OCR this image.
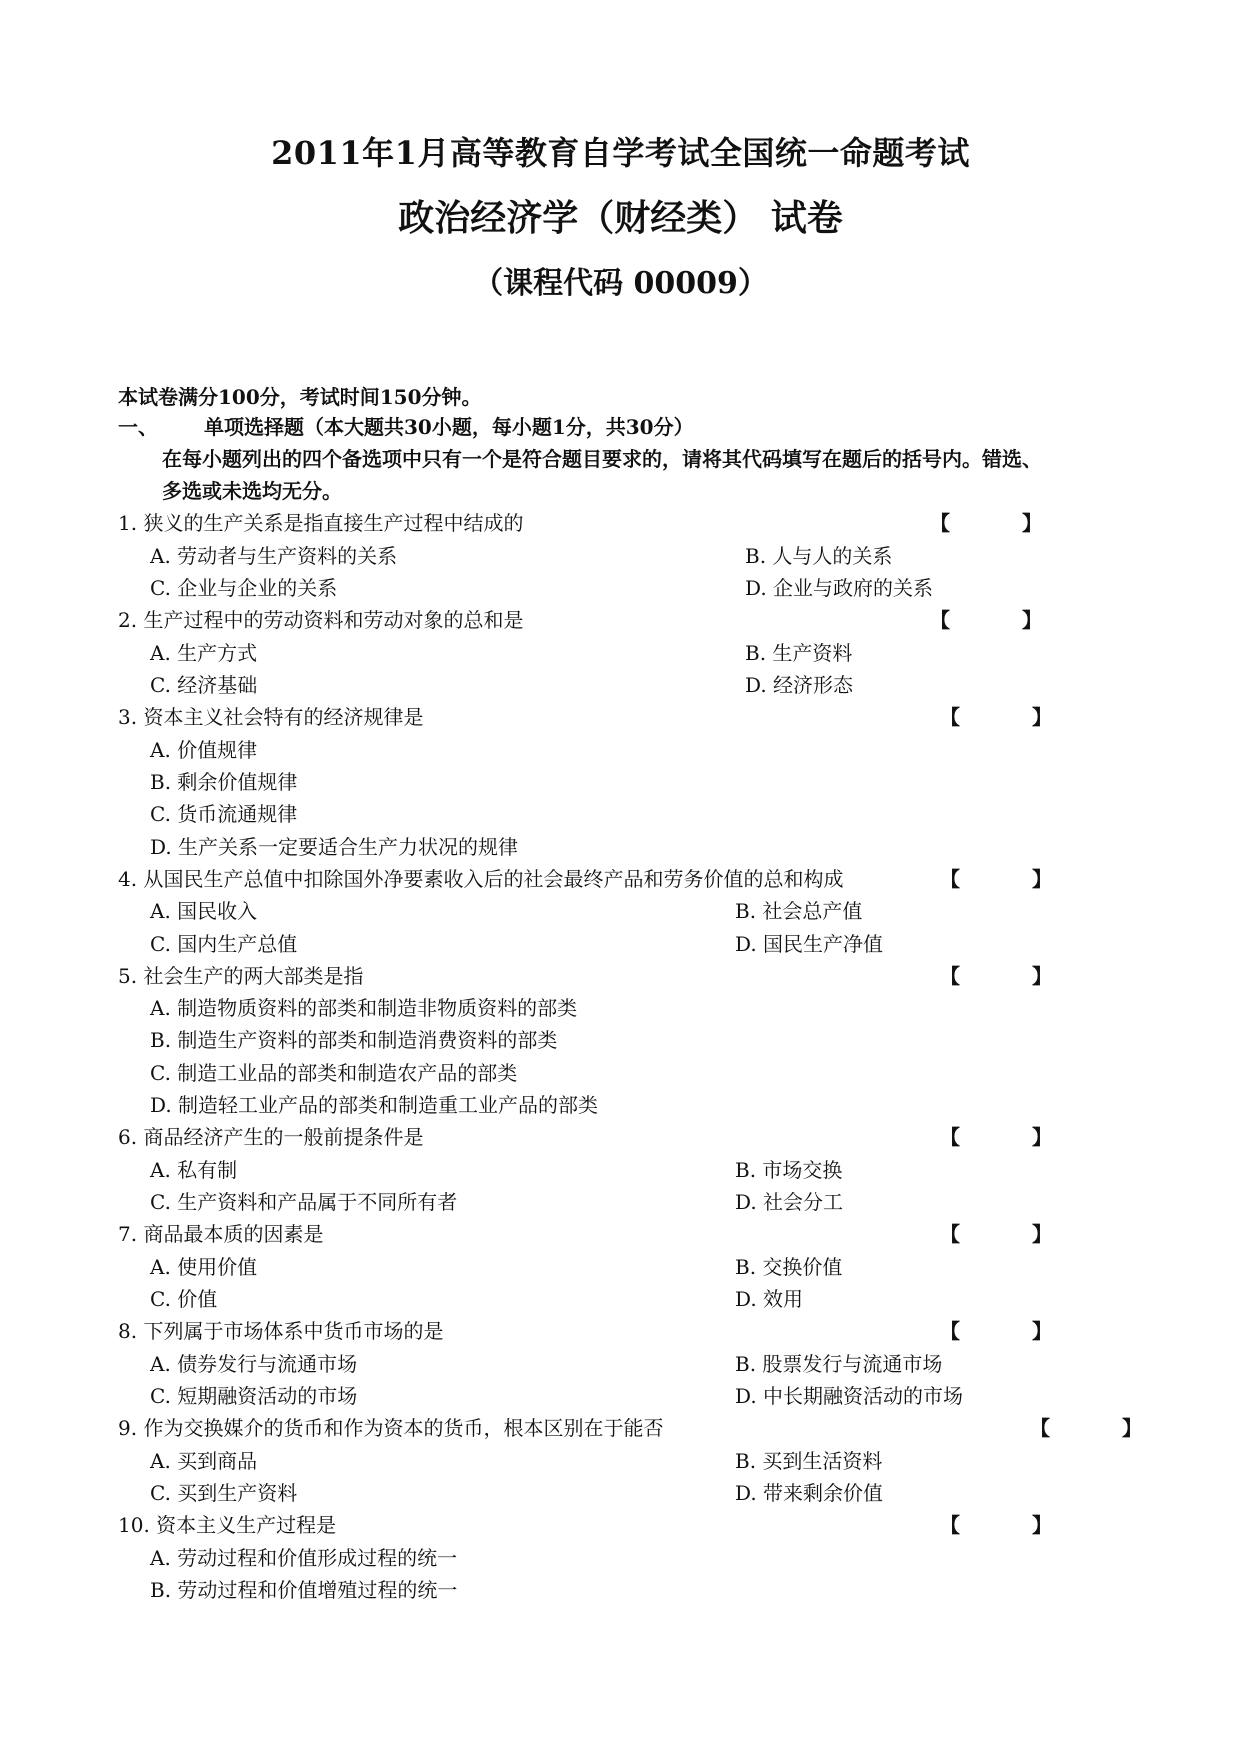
2011年1月高等教育自学考试全国统一命题考试
政治经济学（财经类） 试卷
（课程代码 00009）
本试卷满分100分，考试时间150分钟。
一、 单项选择题（本大题共30小题，每小题1分，共30分）
在每小题列出的四个备选项中只有一个是符合题目要求的，请将其代码填写在题后的括号内。错选、
多选或未选均无分。
1. 狭义的生产关系是指直接生产过程中结成的	【	】
A. 劳动者与生产资料的关系	B. 人与人的关系
C. 企业与企业的关系	D. 企业与政府的关系
2. 生产过程中的劳动资料和劳动对象的总和是	【	】
A. 生产方式	B. 生产资料
C. 经济基础	D. 经济形态
3. 资本主义社会特有的经济规律是	【	】
A. 价值规律
B. 剩余价值规律
C. 货币流通规律
D. 生产关系一定要适合生产力状况的规律
4. 从国民生产总值中扣除国外净要素收入后的社会最终产品和劳务价值的总和构成	【	】
A. 国民收入	B. 社会总产值
C. 国内生产总值	D. 国民生产净值
5. 社会生产的两大部类是指	【	】
A. 制造物质资料的部类和制造非物质资料的部类
B. 制造生产资料的部类和制造消费资料的部类
C. 制造工业品的部类和制造农产品的部类
D. 制造轻工业产品的部类和制造重工业产品的部类
6. 商品经济产生的一般前提条件是	【	】
A. 私有制	B. 市场交换
C. 生产资料和产品属于不同所有者	D. 社会分工
7. 商品最本质的因素是	【	】
A. 使用价值	B. 交换价值
C. 价值	D. 效用
8. 下列属于市场体系中货币市场的是	【	】
A. 债券发行与流通市场	B. 股票发行与流通市场
C. 短期融资活动的市场	D. 中长期融资活动的市场
9. 作为交换媒介的货币和作为资本的货币，根本区别在于能否	【	】
A. 买到商品	B. 买到生活资料
C. 买到生产资料	D. 带来剩余价值
10. 资本主义生产过程是	【	】
A. 劳动过程和价值形成过程的统一
B. 劳动过程和价值增殖过程的统一
